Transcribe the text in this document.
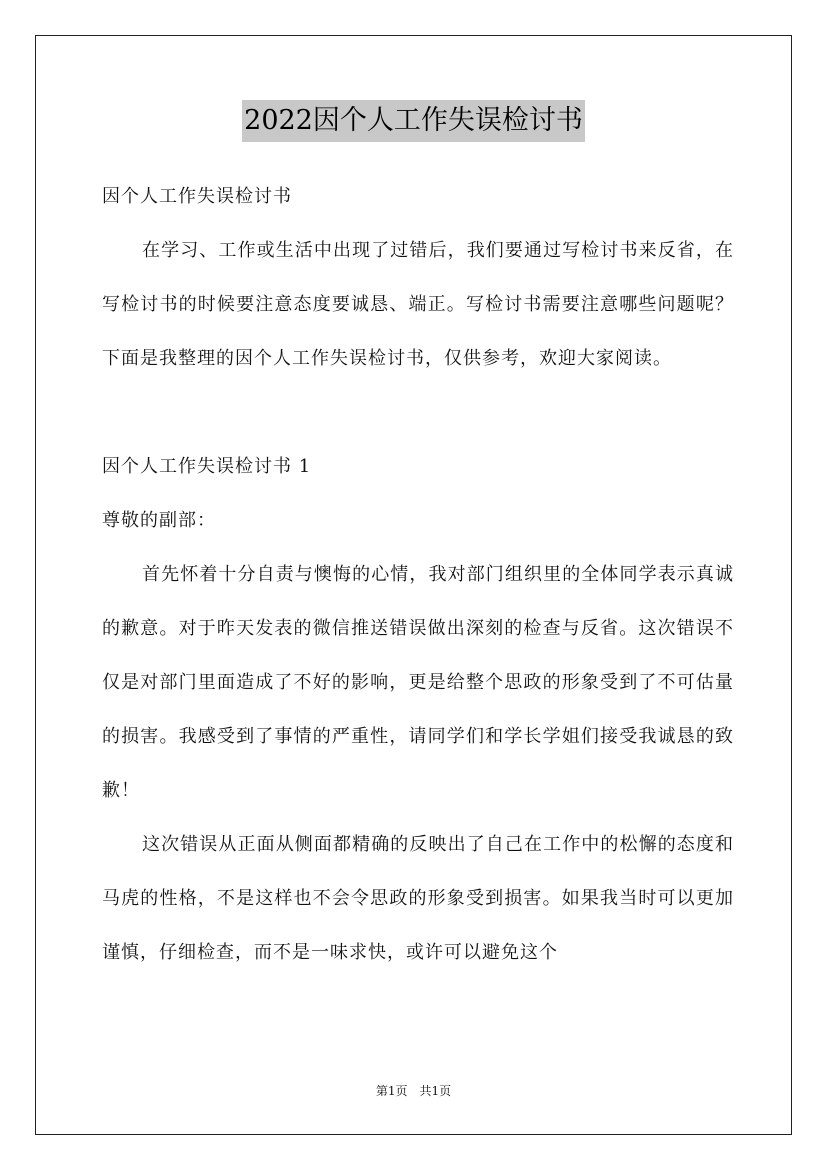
2022因个人工作失误检讨书

因个人工作失误检讨书

在学习、工作或生活中出现了过错后，我们要通过写检讨书来反省，在写检讨书的时候要注意态度要诚恳、端正。写检讨书需要注意哪些问题呢？下面是我整理的因个人工作失误检讨书，仅供参考，欢迎大家阅读。

因个人工作失误检讨书 1

尊敬的副部：

首先怀着十分自责与懊悔的心情，我对部门组织里的全体同学表示真诚的歉意。对于昨天发表的微信推送错误做出深刻的检查与反省。这次错误不仅是对部门里面造成了不好的影响，更是给整个思政的形象受到了不可估量的损害。我感受到了事情的严重性，请同学们和学长学姐们接受我诚恳的致歉！

这次错误从正面从侧面都精确的反映出了自己在工作中的松懈的态度和马虎的性格，不是这样也不会令思政的形象受到损害。如果我当时可以更加谨慎，仔细检查，而不是一味求快，或许可以避免这个

第1页 共1页
